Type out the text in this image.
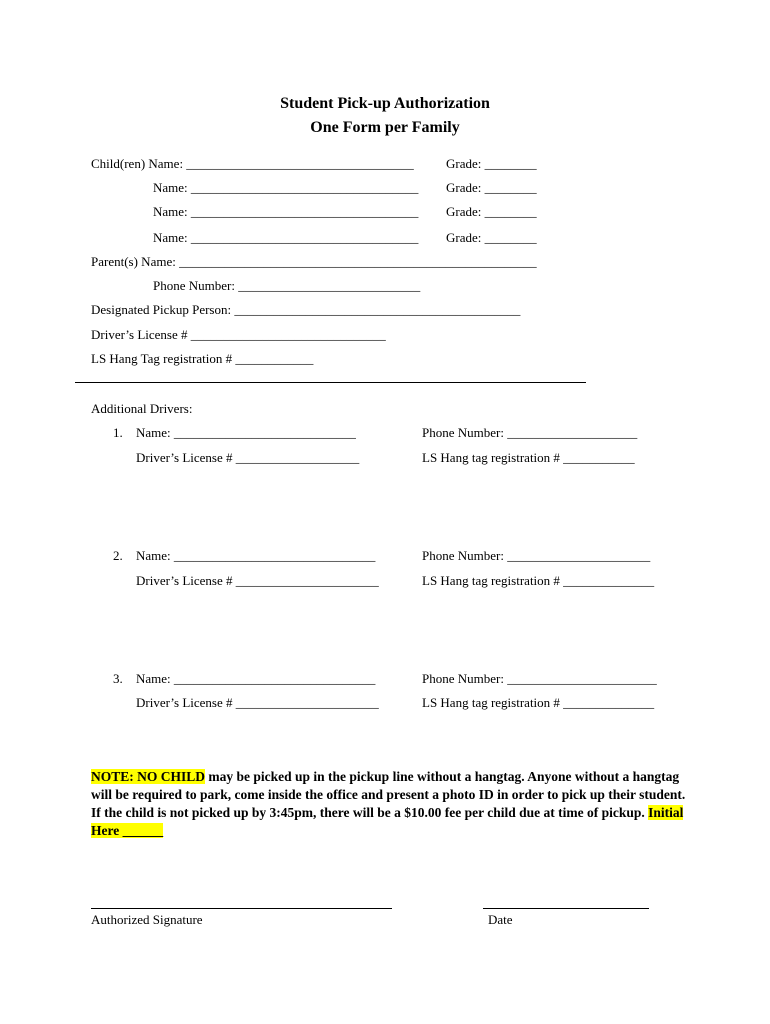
Student Pick-up Authorization
One Form per Family
Child(ren) Name: ___________________________________ Grade: ________
Name: ___________________________________ Grade: ________
Name: ___________________________________ Grade: ________
Name: ___________________________________ Grade: ________
Parent(s) Name: _______________________________________________________
Phone Number: ____________________________
Designated Pickup Person: ____________________________________________
Driver’s License # ______________________________
LS Hang Tag registration # ____________
Additional Drivers:
1. Name: ____________________________	Phone Number: ____________________
Driver’s License # ___________________	LS Hang tag registration # ___________
2. Name: _______________________________	Phone Number: ______________________
Driver’s License # ______________________	LS Hang tag registration # ______________
3. Name: _______________________________	Phone Number: _______________________
Driver’s License # ______________________	LS Hang tag registration # ______________
NOTE: NO CHILD may be picked up in the pickup line without a hangtag. Anyone without a hangtag will be required to park, come inside the office and present a photo ID in order to pick up their student. If the child is not picked up by 3:45pm, there will be a $10.00 fee per child due at time of pickup. Initial Here ______
Authorized Signature	Date
